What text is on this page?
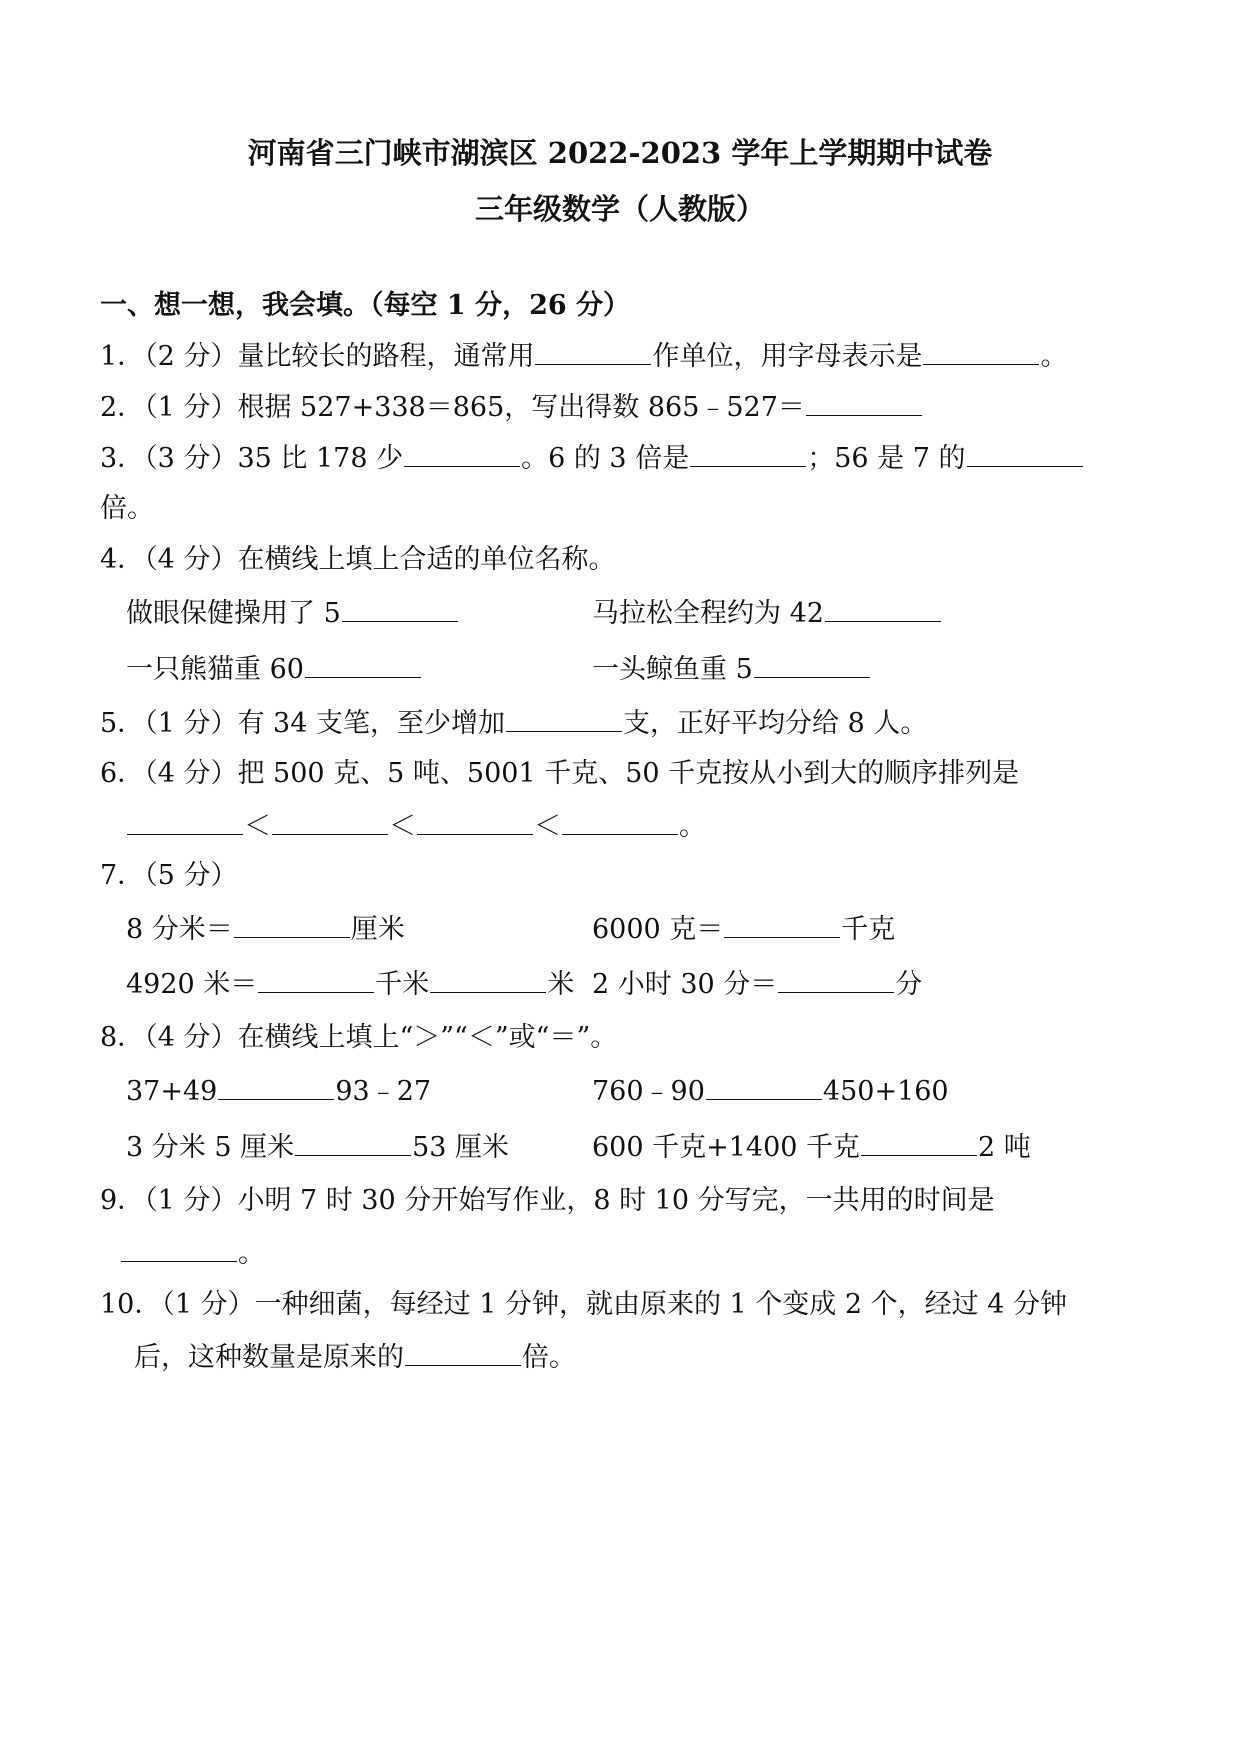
河南省三门峡市湖滨区 2022-2023 学年上学期期中试卷
三年级数学（人教版）
一、想一想，我会填。（每空 1 分，26 分）
1．（2 分）量比较长的路程，通常用	作单位，用字母表示是	。
2．（1 分）根据 527+338＝865，写出得数 865﹣527＝
3．（3 分）35 比 178 少	。6 的 3 倍是	；56 是 7 的
倍。
4．（4 分）在横线上填上合适的单位名称。
做眼保健操用了 5	马拉松全程约为 42
一只熊猫重 60	一头鲸鱼重 5
5．（1 分）有 34 支笔，至少增加	支，正好平均分给 8 人。
6．（4 分）把 500 克、5 吨、5001 千克、50 千克按从小到大的顺序排列是
＜	＜	＜	。
7．（5 分）
8 分米＝	厘米	6000 克＝	千克
4920 米＝	千米	米 2 小时 30 分＝	分
8．（4 分）在横线上填上“＞”“＜”或“＝”。
37+49	93﹣27	760﹣90	450+160
3 分米 5 厘米	53 厘米	600 千克+1400 千克	2 吨
9．（1 分）小明 7 时 30 分开始写作业，8 时 10 分写完，一共用的时间是
。
10．（1 分）一种细菌，每经过 1 分钟，就由原来的 1 个变成 2 个，经过 4 分钟
后，这种数量是原来的	倍。
